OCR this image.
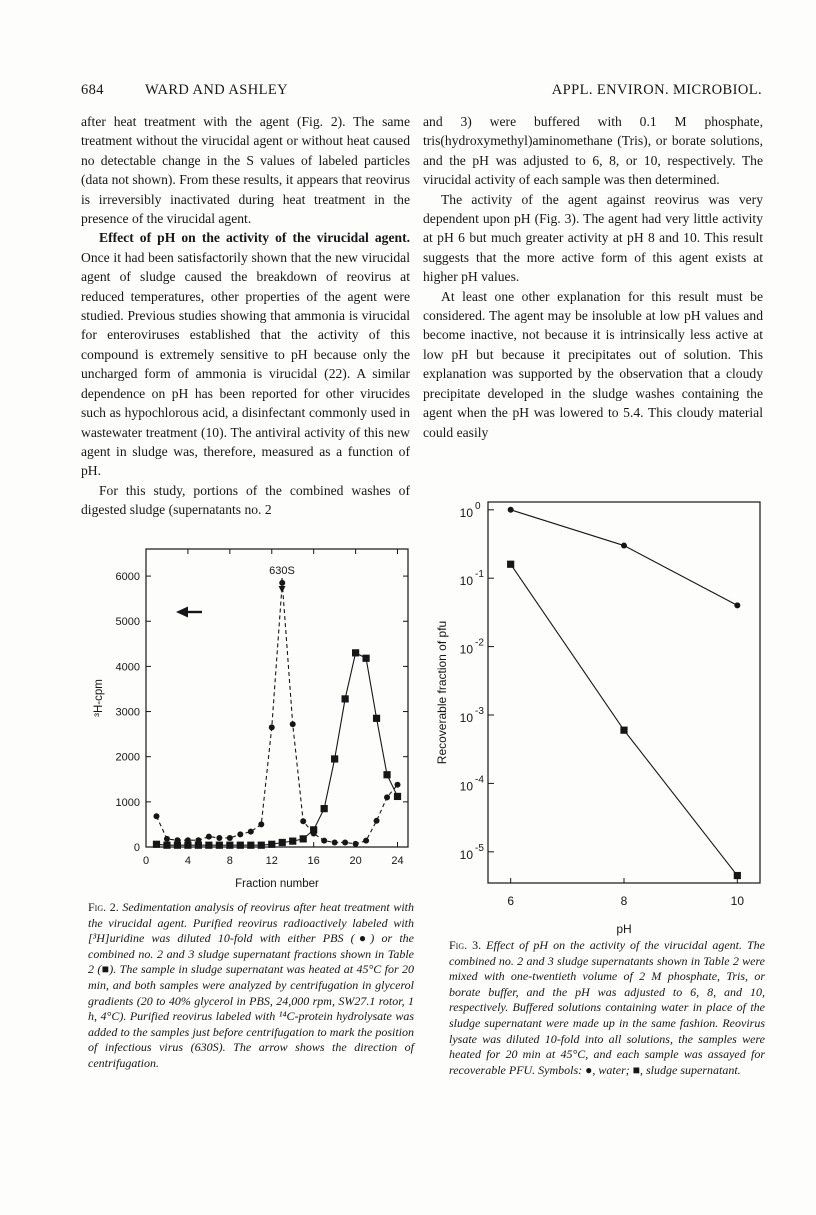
684	WARD AND ASHLEY	APPL. ENVIRON. MICROBIOL.

after heat treatment with the agent (Fig. 2). The same treatment without the virucidal agent or without heat caused no detectable change in the S values of labeled particles (data not shown). From these results, it appears that reovirus is irreversibly inactivated during heat treatment in the presence of the virucidal agent.

Effect of pH on the activity of the virucidal agent. Once it had been satisfactorily shown that the new virucidal agent of sludge caused the breakdown of reovirus at reduced temperatures, other properties of the agent were studied. Previous studies showing that ammonia is virucidal for enteroviruses established that the activity of this compound is extremely sensitive to pH because only the uncharged form of ammonia is virucidal (22). A similar dependence on pH has been reported for other virucides such as hypochlorous acid, a disinfectant commonly used in wastewater treatment (10). The antiviral activity of this new agent in sludge was, therefore, measured as a function of pH.

For this study, portions of the combined washes of digested sludge (supernatants no. 2

and 3) were buffered with 0.1 M phosphate, tris(hydroxymethyl)aminomethane (Tris), or borate solutions, and the pH was adjusted to 6, 8, or 10, respectively. The virucidal activity of each sample was then determined.

The activity of the agent against reovirus was very dependent upon pH (Fig. 3). The agent had very little activity at pH 6 but much greater activity at pH 8 and 10. This result suggests that the more active form of this agent exists at higher pH values.

At least one other explanation for this result must be considered. The agent may be insoluble at low pH values and become inactive, not because it is intrinsically less active at low pH but because it precipitates out of solution. This explanation was supported by the observation that a cloudy precipitate developed in the sludge washes containing the agent when the pH was lowered to 5.4. This cloudy material could easily

0	4	8	12	16	20	24
0
1000
2000
3000
4000
5000
6000
Fraction number
³H-cpm
630S
Fig. 2. Sedimentation analysis of reovirus after heat treatment with the virucidal agent. Purified reovirus radioactively labeled with [³H]uridine was diluted 10-fold with either PBS (●) or the combined no. 2 and 3 sludge supernatant fractions shown in Table 2 (■). The sample in sludge supernatant was heated at 45°C for 20 min, and both samples were analyzed by centrifugation in glycerol gradients (20 to 40% glycerol in PBS, 24,000 rpm, SW27.1 rotor, 1 h, 4°C). Purified reovirus labeled with ¹⁴C-protein hydrolysate was added to the samples just before centrifugation to mark the position of infectious virus (630S). The arrow shows the direction of centrifugation.
6	8	10
10 0
10 -1
10 -2
10 -3
10 -4
10 -5
pH
Recoverable fraction of pfu
Fig. 3. Effect of pH on the activity of the virucidal agent. The combined no. 2 and 3 sludge supernatants shown in Table 2 were mixed with one-twentieth volume of 2 M phosphate, Tris, or borate buffer, and the pH was adjusted to 6, 8, and 10, respectively. Buffered solutions containing water in place of the sludge supernatant were made up in the same fashion. Reovirus lysate was diluted 10-fold into all solutions, the samples were heated for 20 min at 45°C, and each sample was assayed for recoverable PFU. Symbols: ●, water; ■, sludge supernatant.
